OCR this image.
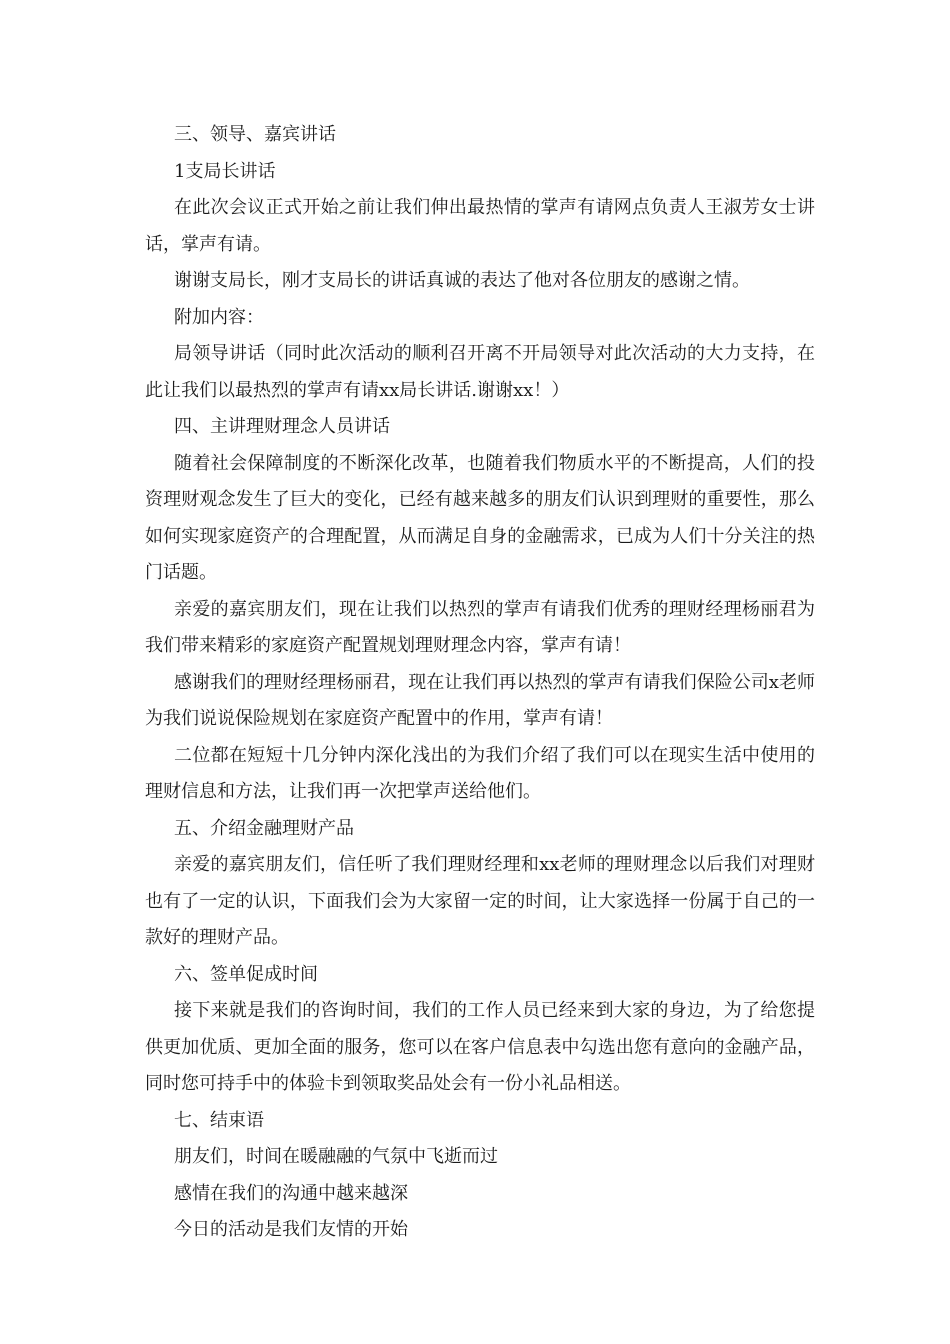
三、领导、嘉宾讲话

1支局长讲话

在此次会议正式开始之前让我们伸出最热情的掌声有请网点负责人王淑芳女士讲话，掌声有请。

谢谢支局长，刚才支局长的讲话真诚的表达了他对各位朋友的感谢之情。

附加内容：

局领导讲话（同时此次活动的顺利召开离不开局领导对此次活动的大力支持，在此让我们以最热烈的掌声有请xx局长讲话.谢谢xx！）

四、主讲理财理念人员讲话

随着社会保障制度的不断深化改革，也随着我们物质水平的不断提高，人们的投资理财观念发生了巨大的变化，已经有越来越多的朋友们认识到理财的重要性，那么如何实现家庭资产的合理配置，从而满足自身的金融需求，已成为人们十分关注的热门话题。

亲爱的嘉宾朋友们，现在让我们以热烈的掌声有请我们优秀的理财经理杨丽君为我们带来精彩的家庭资产配置规划理财理念内容，掌声有请！

感谢我们的理财经理杨丽君，现在让我们再以热烈的掌声有请我们保险公司x老师为我们说说保险规划在家庭资产配置中的作用，掌声有请！

二位都在短短十几分钟内深化浅出的为我们介绍了我们可以在现实生活中使用的理财信息和方法，让我们再一次把掌声送给他们。

五、介绍金融理财产品

亲爱的嘉宾朋友们，信任听了我们理财经理和xx老师的理财理念以后我们对理财也有了一定的认识，下面我们会为大家留一定的时间，让大家选择一份属于自己的一款好的理财产品。

六、签单促成时间

接下来就是我们的咨询时间，我们的工作人员已经来到大家的身边，为了给您提供更加优质、更加全面的服务，您可以在客户信息表中勾选出您有意向的金融产品，同时您可持手中的体验卡到领取奖品处会有一份小礼品相送。

七、结束语

朋友们，时间在暖融融的气氛中飞逝而过

感情在我们的沟通中越来越深

今日的活动是我们友情的开始
